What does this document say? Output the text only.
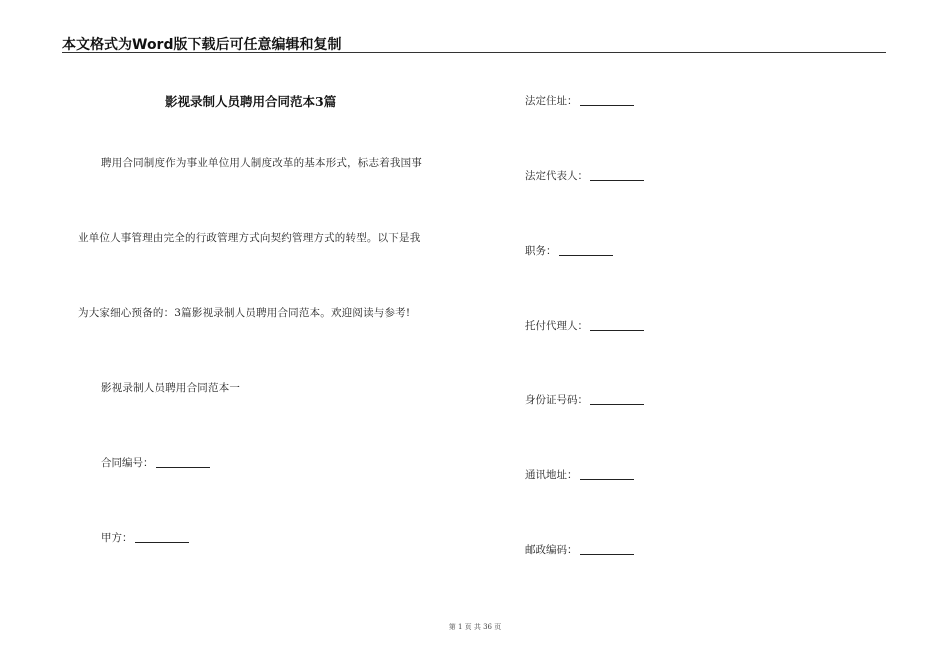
本文格式为Word版下载后可任意编辑和复制
影视录制人员聘用合同范本3篇
聘用合同制度作为事业单位用人制度改革的基本形式，标志着我国事
业单位人事管理由完全的行政管理方式向契约管理方式的转型。以下是我
为大家细心预备的：3篇影视录制人员聘用合同范本。欢迎阅读与参考!
影视录制人员聘用合同范本一
合同编号：
甲方：
法定住址：
法定代表人：
职务：
托付代理人：
身份证号码：
通讯地址：
邮政编码：
第 1 页 共 36 页
